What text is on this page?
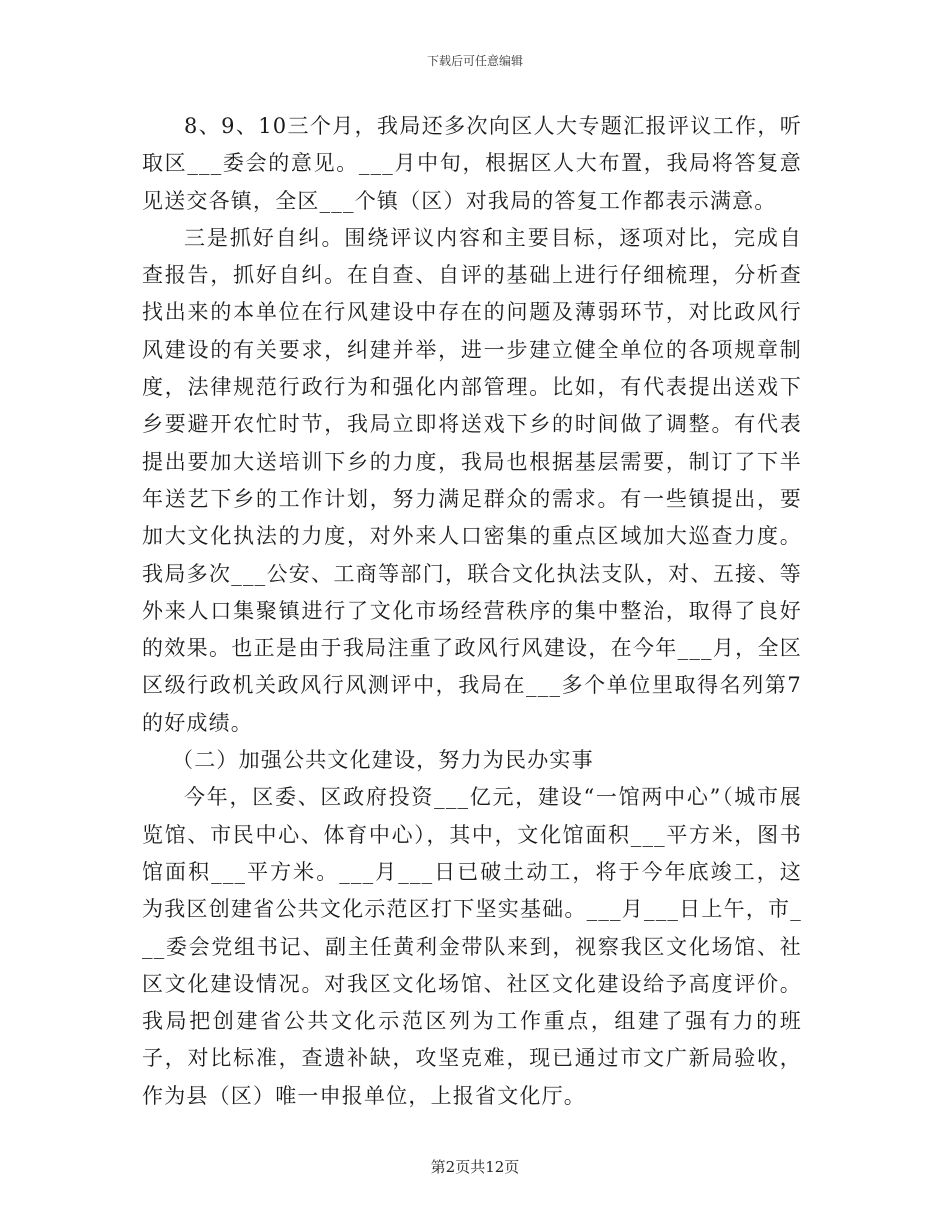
下载后可任意编辑

8、9、10三个月，我局还多次向区人大专题汇报评议工作，听取区___委会的意见。___月中旬，根据区人大布置，我局将答复意见送交各镇，全区___个镇（区）对我局的答复工作都表示满意。

三是抓好自纠。围绕评议内容和主要目标，逐项对比，完成自查报告，抓好自纠。在自查、自评的基础上进行仔细梳理，分析查找出来的本单位在行风建设中存在的问题及薄弱环节，对比政风行风建设的有关要求，纠建并举，进一步建立健全单位的各项规章制度，法律规范行政行为和强化内部管理。比如，有代表提出送戏下乡要避开农忙时节，我局立即将送戏下乡的时间做了调整。有代表提出要加大送培训下乡的力度，我局也根据基层需要，制订了下半年送艺下乡的工作计划，努力满足群众的需求。有一些镇提出，要加大文化执法的力度，对外来人口密集的重点区域加大巡查力度。我局多次___公安、工商等部门，联合文化执法支队，对、五接、等外来人口集聚镇进行了文化市场经营秩序的集中整治，取得了良好的效果。也正是由于我局注重了政风行风建设，在今年___月，全区区级行政机关政风行风测评中，我局在___多个单位里取得名列第7的好成绩。

（二）加强公共文化建设，努力为民办实事

今年，区委、区政府投资___亿元，建设“一馆两中心”（城市展览馆、市民中心、体育中心），其中，文化馆面积___平方米，图书馆面积___平方米。___月___日已破土动工，将于今年底竣工，这为我区创建省公共文化示范区打下坚实基础。___月___日上午，市___委会党组书记、副主任黄利金带队来到，视察我区文化场馆、社区文化建设情况。对我区文化场馆、社区文化建设给予高度评价。我局把创建省公共文化示范区列为工作重点，组建了强有力的班子，对比标准，查遗补缺，攻坚克难，现已通过市文广新局验收，作为县（区）唯一申报单位，上报省文化厅。

第2页共12页
